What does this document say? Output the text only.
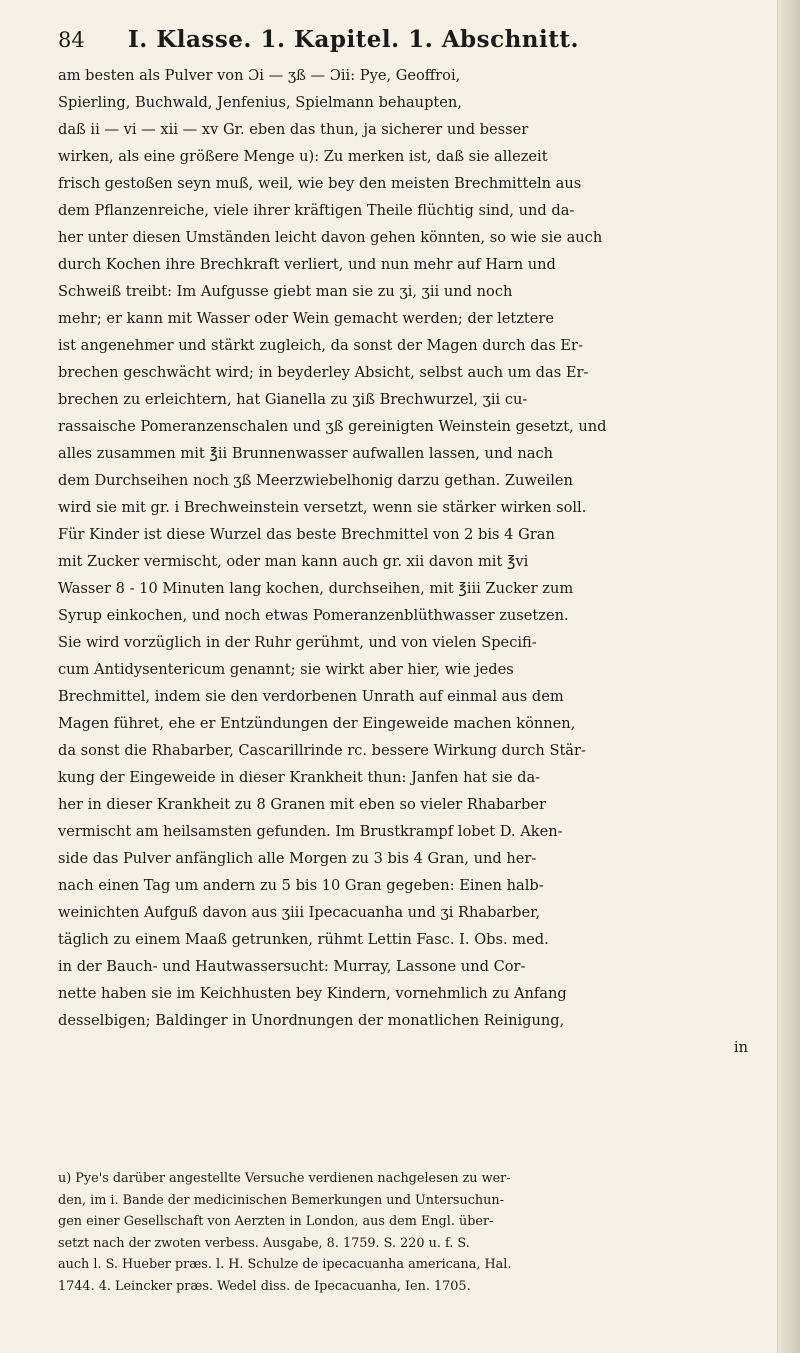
84 I. Klasse. 1. Kapitel. 1. Abschnitt.
am besten als Pulver von Ɔi — ʒß — Ɔii: Pye, Geoffroi,
Spierling, Buchwald, Jenfenius, Spielmann behaupten,
daß ii — vi — xii — xv Gr. eben das thun, ja sicherer und besser
wirken, als eine größere Menge u): Zu merken ist, daß sie allezeit
frisch gestoßen seyn muß, weil, wie bey den meisten Brechmitteln aus
dem Pflanzenreiche, viele ihrer kräftigen Theile flüchtig sind, und da-
her unter diesen Umständen leicht davon gehen könnten, so wie sie auch
durch Kochen ihre Brechkraft verliert, und nun mehr auf Harn und
Schweiß treibt: Im Aufgusse giebt man sie zu ʒi, ʒii und noch
mehr; er kann mit Wasser oder Wein gemacht werden; der letztere
ist angenehmer und stärkt zugleich, da sonst der Magen durch das Er-
brechen geschwächt wird; in beyderley Absicht, selbst auch um das Er-
brechen zu erleichtern, hat Gianella zu ʒiß Brechwurzel, ʒii cu-
rassaische Pomeranzenschalen und ʒß gereinigten Weinstein gesetzt, und
alles zusammen mit ℥ii Brunnenwasser aufwallen lassen, und nach
dem Durchseihen noch ʒß Meerzwiebelhonig darzu gethan. Zuweilen
wird sie mit gr. i Brechweinstein versetzt, wenn sie stärker wirken soll.
Für Kinder ist diese Wurzel das beste Brechmittel von 2 bis 4 Gran
mit Zucker vermischt, oder man kann auch gr. xii davon mit ℥vi
Wasser 8 - 10 Minuten lang kochen, durchseihen, mit ℥iii Zucker zum
Syrup einkochen, und noch etwas Pomeranzenblüthwasser zusetzen.
Sie wird vorzüglich in der Ruhr gerühmt, und von vielen Specifi-
cum Antidysentericum genannt; sie wirkt aber hier, wie jedes
Brechmittel, indem sie den verdorbenen Unrath auf einmal aus dem
Magen führet, ehe er Entzündungen der Eingeweide machen können,
da sonst die Rhabarber, Cascarillrinde rc. bessere Wirkung durch Stär-
kung der Eingeweide in dieser Krankheit thun: Janfen hat sie da-
her in dieser Krankheit zu 8 Granen mit eben so vieler Rhabarber
vermischt am heilsamsten gefunden. Im Brustkrampf lobet D. Aken-
side das Pulver anfänglich alle Morgen zu 3 bis 4 Gran, und her-
nach einen Tag um andern zu 5 bis 10 Gran gegeben: Einen halb-
weinichten Aufguß davon aus ʒiii Ipecacuanha und ʒi Rhabarber,
täglich zu einem Maaß getrunken, rühmt Lettin Fasc. I. Obs. med.
in der Bauch- und Hautwassersucht: Murray, Lassone und Cor-
nette haben sie im Keichhusten bey Kindern, vornehmlich zu Anfang
desselbigen; Baldinger in Unordnungen der monatlichen Reinigung,
in
u) Pye's darüber angestellte Versuche verdienen nachgelesen zu wer-
den, im i. Bande der medicinischen Bemerkungen und Untersuchun-
gen einer Gesellschaft von Aerzten in London, aus dem Engl. über-
setzt nach der zwoten verbess. Ausgabe, 8. 1759. S. 220 u. f. S.
auch l. S. Hueber præs. l. H. Schulze de ipecacuanha americana, Hal.
1744. 4. Leincker præs. Wedel diss. de Ipecacuanha, Ien. 1705.
